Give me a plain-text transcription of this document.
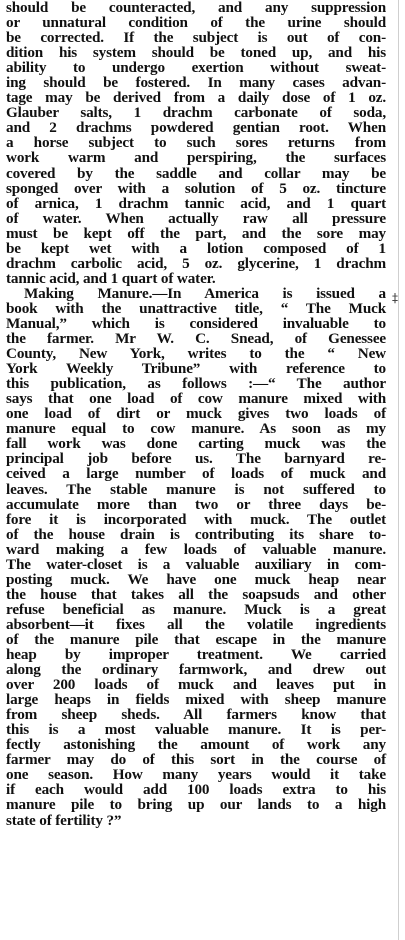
should be counteracted, and any suppression
or unnatural condition of the urine should
be corrected. If the subject is out of con-
dition his system should be toned up, and his
ability to undergo exertion without sweat-
ing should be fostered. In many cases advan-
tage may be derived from a daily dose of 1 oz.
Glauber salts, 1 drachm carbonate of soda,
and 2 drachms powdered gentian root. When
a horse subject to such sores returns from
work warm and perspiring, the surfaces
covered by the saddle and collar may be
sponged over with a solution of 5 oz. tincture
of arnica, 1 drachm tannic acid, and 1 quart
of water. When actually raw all pressure
must be kept off the part, and the sore may
be kept wet with a lotion composed of 1
drachm carbolic acid, 5 oz. glycerine, 1 drachm
tannic acid, and 1 quart of water.
Making Manure.—In America is issued a
book with the unattractive title, “ The Muck
Manual,” which is considered invaluable to
the farmer. Mr W. C. Snead, of Genessee
County, New York, writes to the “ New
York Weekly Tribune” with reference to
this publication, as follows :—“ The author
says that one load of cow manure mixed with
one load of dirt or muck gives two loads of
manure equal to cow manure. As soon as my
fall work was done carting muck was the
principal job before us. The barnyard re-
ceived a large number of loads of muck and
leaves. The stable manure is not suffered to
accumulate more than two or three days be-
fore it is incorporated with muck. The outlet
of the house drain is contributing its share to-
ward making a few loads of valuable manure.
The water-closet is a valuable auxiliary in com-
posting muck. We have one muck heap near
the house that takes all the soapsuds and other
refuse beneficial as manure. Muck is a great
absorbent—it fixes all the volatile ingredients
of the manure pile that escape in the manure
heap by improper treatment. We carried
along the ordinary farmwork, and drew out
over 200 loads of muck and leaves put in
large heaps in fields mixed with sheep manure
from sheep sheds. All farmers know that
this is a most valuable manure. It is per-
fectly astonishing the amount of work any
farmer may do of this sort in the course of
one season. How many years would it take
if each would add 100 loads extra to his
manure pile to bring up our lands to a high
state of fertility ?”
‡
